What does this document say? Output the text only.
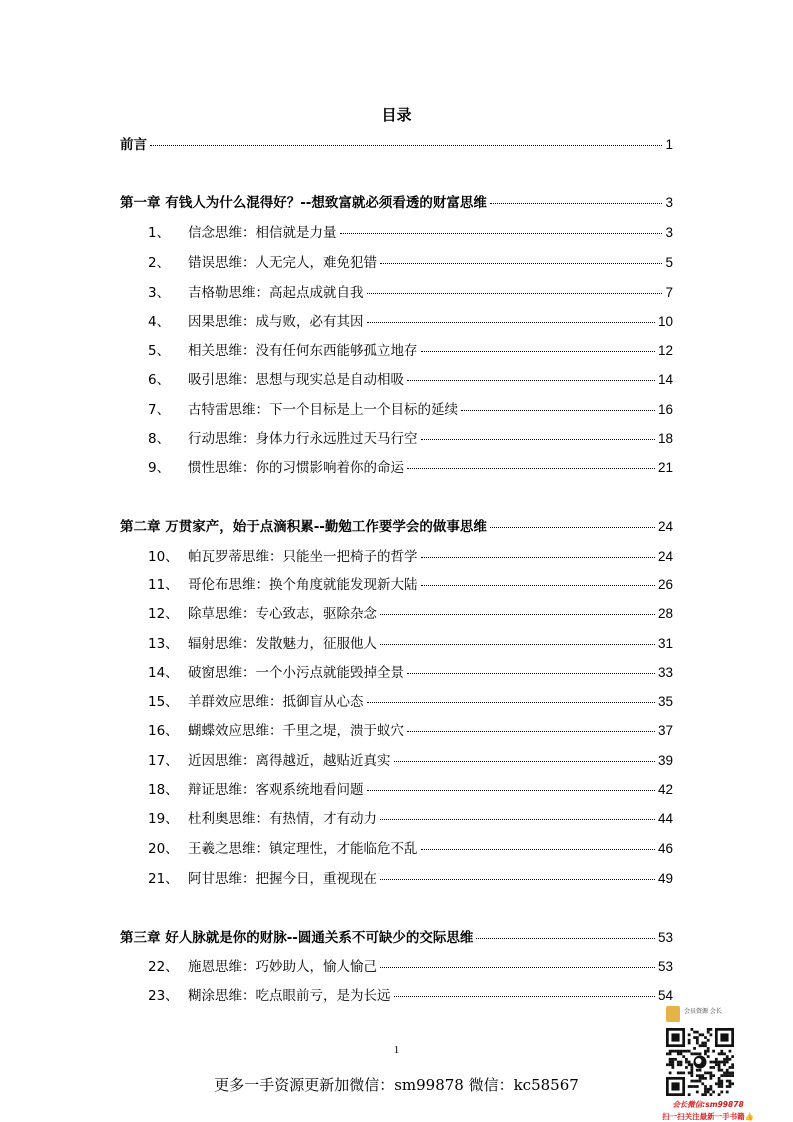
目录
前言	1
第一章 有钱人为什么混得好？--想致富就必须看透的财富思维	3
1、	信念思维：相信就是力量	3
2、	错误思维：人无完人，难免犯错	5
3、	吉格勒思维：高起点成就自我	7
4、	因果思维：成与败，必有其因	10
5、	相关思维：没有任何东西能够孤立地存	12
6、	吸引思维：思想与现实总是自动相吸	14
7、	古特雷思维：下一个目标是上一个目标的延续	16
8、	行动思维：身体力行永远胜过天马行空	18
9、	惯性思维：你的习惯影响着你的命运	21
第二章 万贯家产，始于点滴积累--勤勉工作要学会的做事思维	24
10、 帕瓦罗蒂思维：只能坐一把椅子的哲学	24
11、 哥伦布思维：换个角度就能发现新大陆	26
12、 除草思维：专心致志，驱除杂念	28
13、 辐射思维：发散魅力，征服他人	31
14、 破窗思维：一个小污点就能毁掉全景	33
15、 羊群效应思维：抵御盲从心态	35
16、 蝴蝶效应思维：千里之堤，溃于蚁穴	37
17、 近因思维：离得越近，越贴近真实	39
18、 辩证思维：客观系统地看问题	42
19、 杜利奥思维：有热情，才有动力	44
20、 王羲之思维：镇定理性，才能临危不乱	46
21、 阿甘思维：把握今日，重视现在	49
第三章 好人脉就是你的财脉--圆通关系不可缺少的交际思维	53
22、 施恩思维：巧妙助人，愉人愉己	53
23、 糊涂思维：吃点眼前亏，是为长远	54
1
更多一手资源更新加微信：sm99878 微信：kc58567
会员资源 会长
会长微信:sm99878
扫一扫关注最新一手书籍👍
